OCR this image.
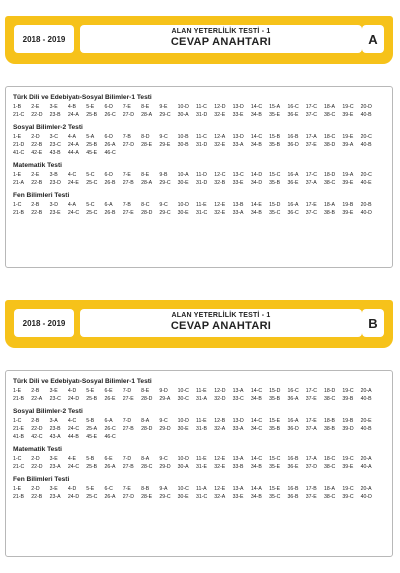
2018 - 2019
ALAN YETERLİLİK TESTİ - 1
CEVAP ANAHTARI	A
Türk Dili ve Edebiyatı-Sosyal Bilimler-1 Testi
1-B	2-E	3-E	4-B	5-E	6-D	7-E	8-E	9-E	10-D	11-C	12-D	13-D	14-C	15-A	16-C	17-C	18-A	19-C	20-D
21-C	22-D	23-B	24-A	25-B	26-C	27-D	28-A	29-C	30-A	31-D	32-E	33-E	34-B	35-E	36-E	37-C	38-C	39-E	40-B
Sosyal Bilimler-2 Testi
1-E	2-D	3-C	4-A	5-A	6-D	7-B	8-D	9-C	10-B	11-C	12-A	13-D	14-C	15-B	16-B	17-A	18-C	19-E	20-C
21-D	22-B	23-C	24-A	25-B	26-A	27-D	28-E	29-E	30-B	31-D	32-E	33-A	34-B	35-B	36-D	37-E	38-D	39-A	40-B
41-C	42-E	43-B	44-A	45-E	46-C
Matematik Testi
1-E	2-E	3-B	4-C	5-C	6-D	7-E	8-E	9-B	10-A	11-D	12-C	13-C	14-D	15-C	16-A	17-C	18-D	19-A	20-C
21-A	22-B	23-D	24-E	25-C	26-B	27-B	28-A	29-C	30-E	31-D	32-B	33-E	34-D	35-B	36-E	37-A	38-C	39-E	40-E
Fen Bilimleri Testi
1-C	2-B	3-D	4-A	5-C	6-A	7-B	8-C	9-C	10-D	11-E	12-E	13-B	14-E	15-D	16-A	17-E	18-A	19-B	20-B
21-B	22-B	23-E	24-C	25-C	26-B	27-E	28-D	29-C	30-E	31-C	32-E	33-A	34-B	35-C	36-C	37-C	38-B	39-E	40-D
2018 - 2019
ALAN YETERLİLİK TESTİ - 1
CEVAP ANAHTARI	B
Türk Dili ve Edebiyatı-Sosyal Bilimler-1 Testi
1-E	2-B	3-E	4-D	5-E	6-E	7-D	8-E	9-D	10-C	11-E	12-D	13-A	14-C	15-D	16-C	17-C	18-D	19-C	20-A
21-B	22-A	23-C	24-D	25-B	26-E	27-E	28-D	29-A	30-C	31-A	32-D	33-C	34-B	35-B	36-A	37-E	38-C	39-B	40-B
Sosyal Bilimler-2 Testi
1-C	2-B	3-A	4-C	5-B	6-A	7-D	8-A	9-C	10-D	11-E	12-B	13-D	14-C	15-E	16-A	17-E	18-B	19-B	20-E
21-E	22-D	23-B	24-C	25-A	26-C	27-B	28-D	29-D	30-E	31-B	32-A	33-A	34-C	35-B	36-D	37-A	38-B	39-D	40-B
41-B	42-C	43-A	44-B	45-E	46-C
Matematik Testi
1-C	2-D	3-E	4-E	5-B	6-E	7-D	8-A	9-C	10-D	11-E	12-E	13-A	14-C	15-C	16-B	17-A	18-C	19-C	20-A
21-C	22-D	23-A	24-C	25-B	26-A	27-B	28-C	29-D	30-A	31-E	32-E	33-B	34-B	35-E	36-E	37-D	38-C	39-E	40-A
Fen Bilimleri Testi
1-E	2-D	3-E	4-D	5-E	6-C	7-E	8-B	9-A	10-C	11-A	12-E	13-A	14-A	15-E	16-B	17-B	18-A	19-C	20-A
21-B	22-B	23-A	24-D	25-C	26-A	27-D	28-E	29-C	30-E	31-C	32-A	33-E	34-B	35-C	36-B	37-E	38-C	39-C	40-D
